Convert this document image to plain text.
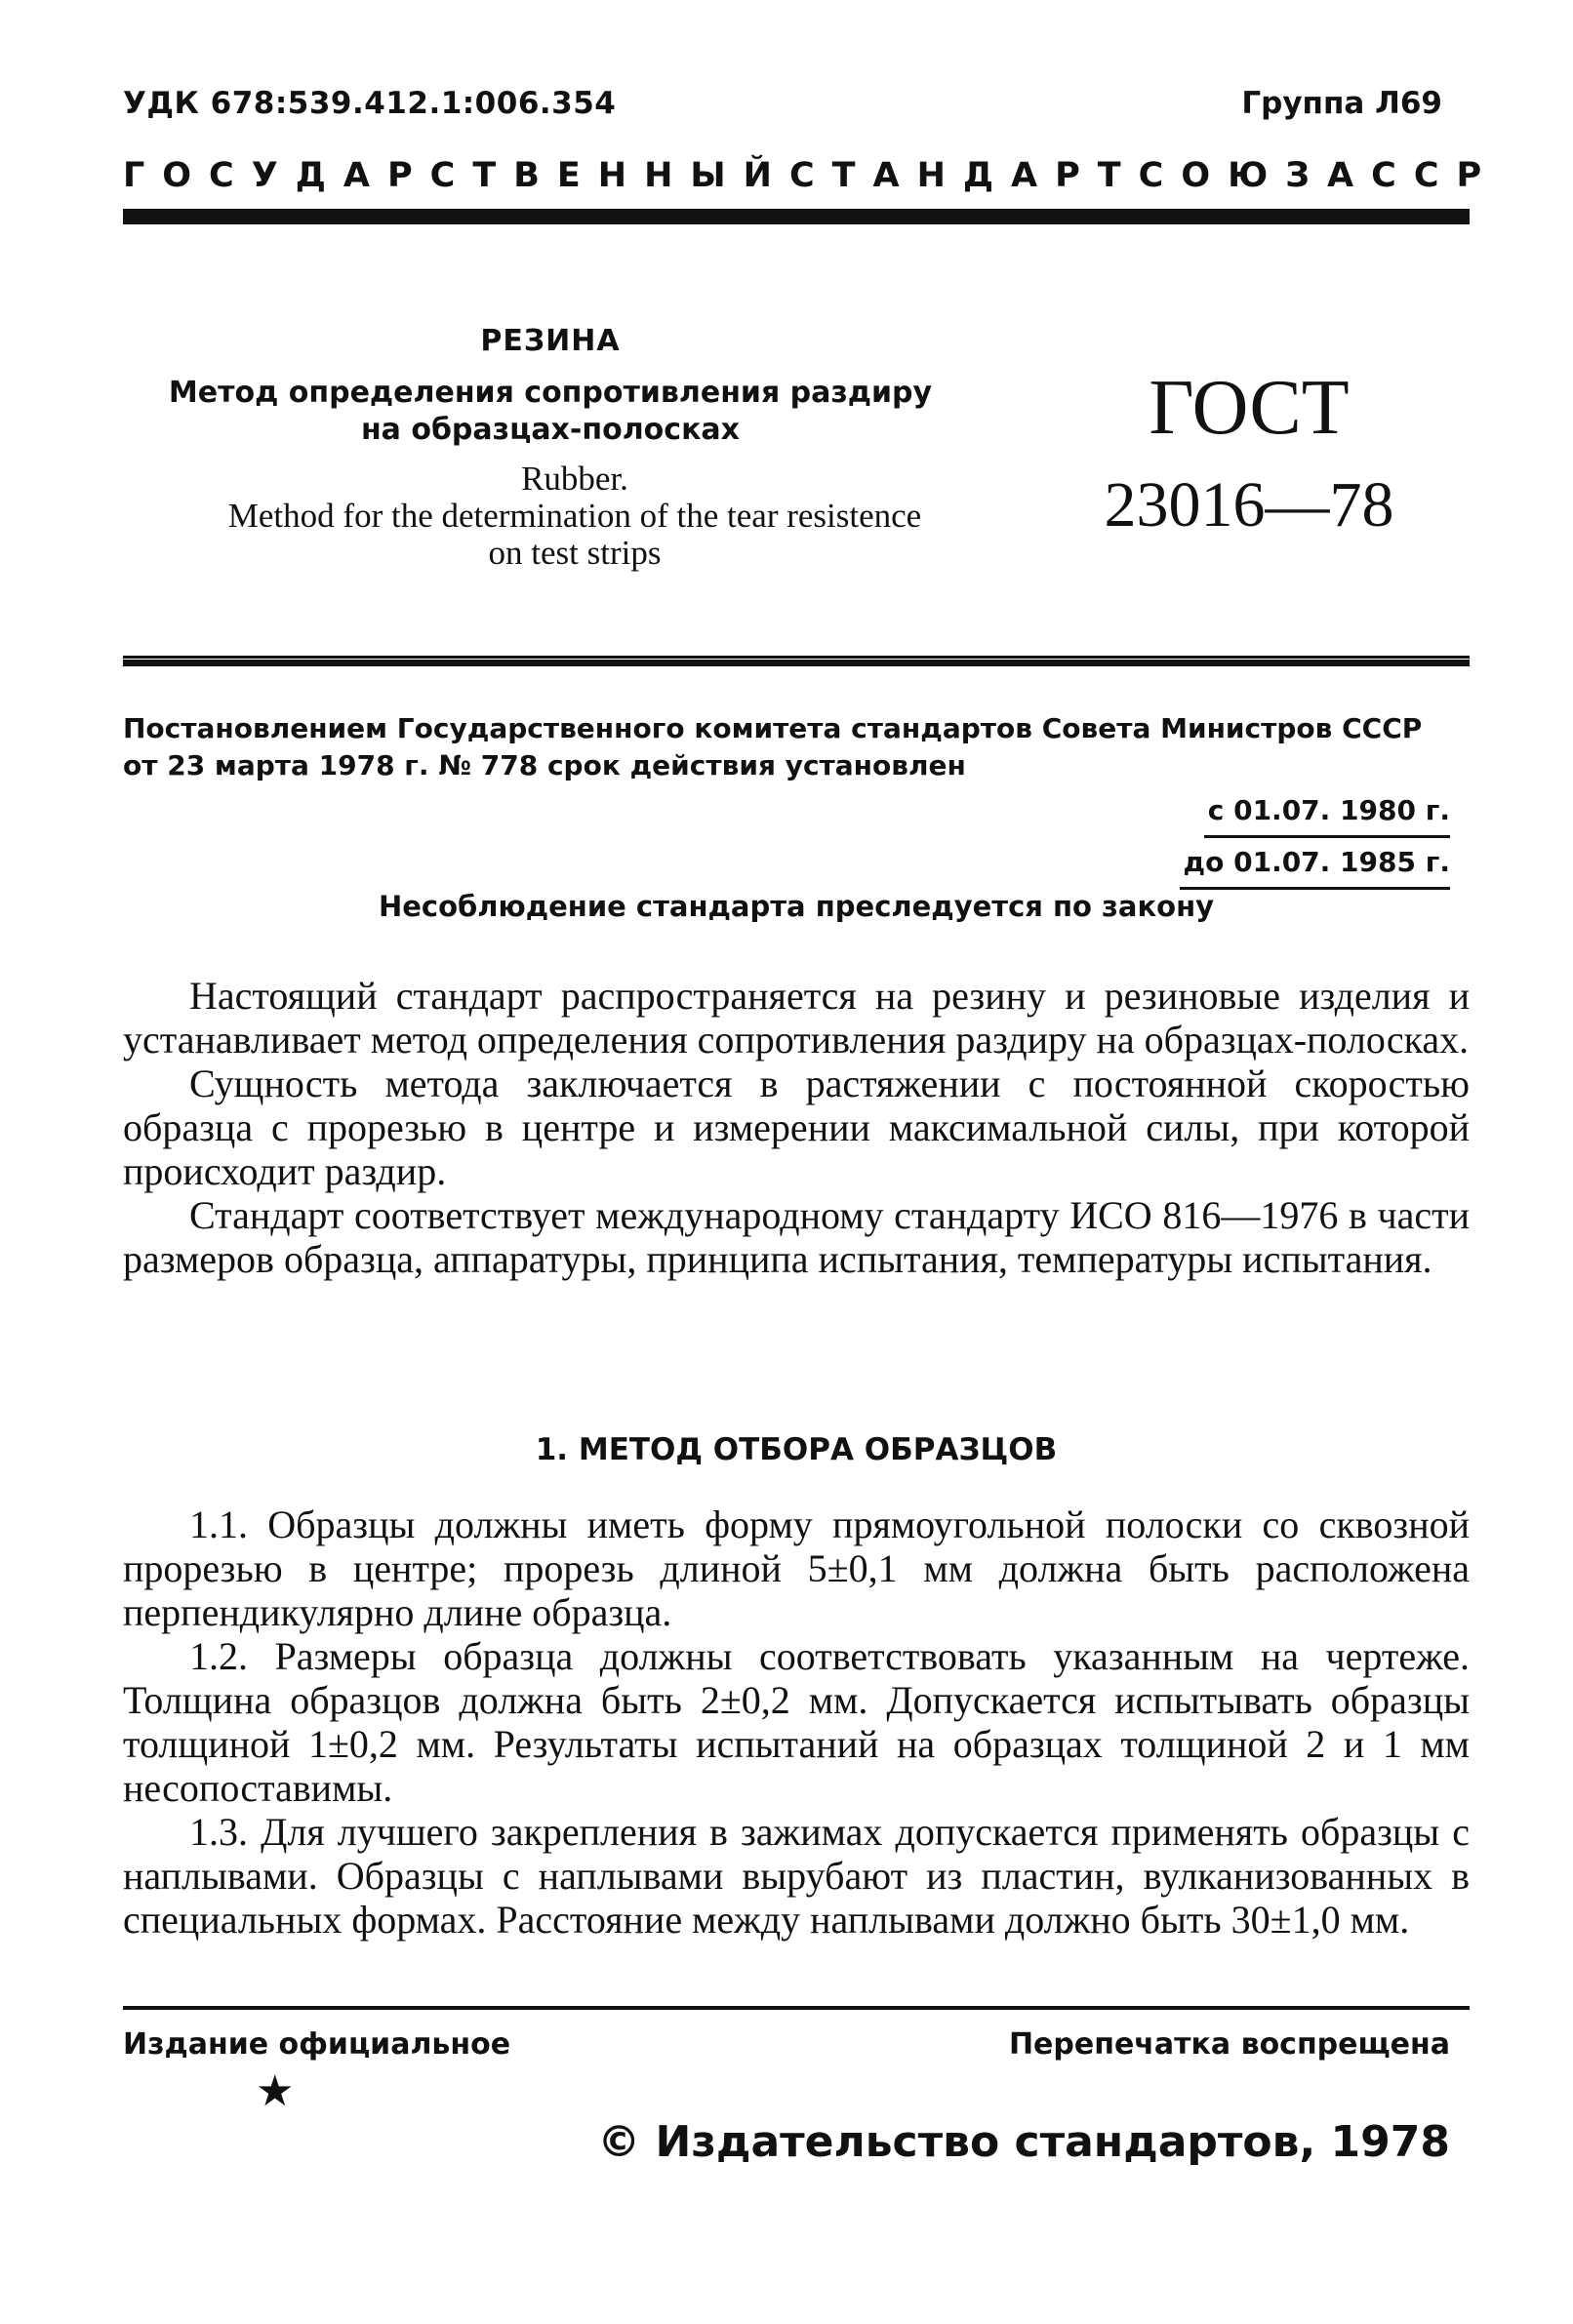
УДК 678:539.412.1:006.354	Группа Л69
ГОСУДАРСТВЕННЫЙ СТАНДАРТ СОЮЗА ССР
РЕЗИНА
Метод определения сопротивления раздиру
на образцах-полосках
Rubber.
Method for the determination of the tear resistence
on test strips
ГОСТ
23016—78
Постановлением Государственного комитета стандартов Совета Министров СССР
от 23 марта 1978 г. № 778 срок действия установлен
с 01.07. 1980 г.
до 01.07. 1985 г.
Несоблюдение стандарта преследуется по закону

Настоящий стандарт распространяется на резину и резиновые изделия и устанавливает метод определения сопротивления раздиру на образцах-полосках.

Сущность метода заключается в растяжении с постоянной скоростью образца с прорезью в центре и измерении максимальной силы, при которой происходит раздир.

Стандарт соответствует международному стандарту ИСО 816—1976 в части размеров образца, аппаратуры, принципа испытания, температуры испытания.

1. МЕТОД ОТБОРА ОБРАЗЦОВ

1.1. Образцы должны иметь форму прямоугольной полоски со сквозной прорезью в центре; прорезь длиной 5±0,1 мм должна быть расположена перпендикулярно длине образца.

1.2. Размеры образца должны соответствовать указанным на чертеже. Толщина образцов должна быть 2±0,2 мм. Допускается испытывать образцы толщиной 1±0,2 мм. Результаты испытаний на образцах толщиной 2 и 1 мм несопоставимы.

1.3. Для лучшего закрепления в зажимах допускается применять образцы с наплывами. Образцы с наплывами вырубают из пластин, вулканизованных в специальных формах. Расстояние между наплывами должно быть 30±1,0 мм.

Издание официальное	Перепечатка воспрещена
★
© Издательство стандартов, 1978
